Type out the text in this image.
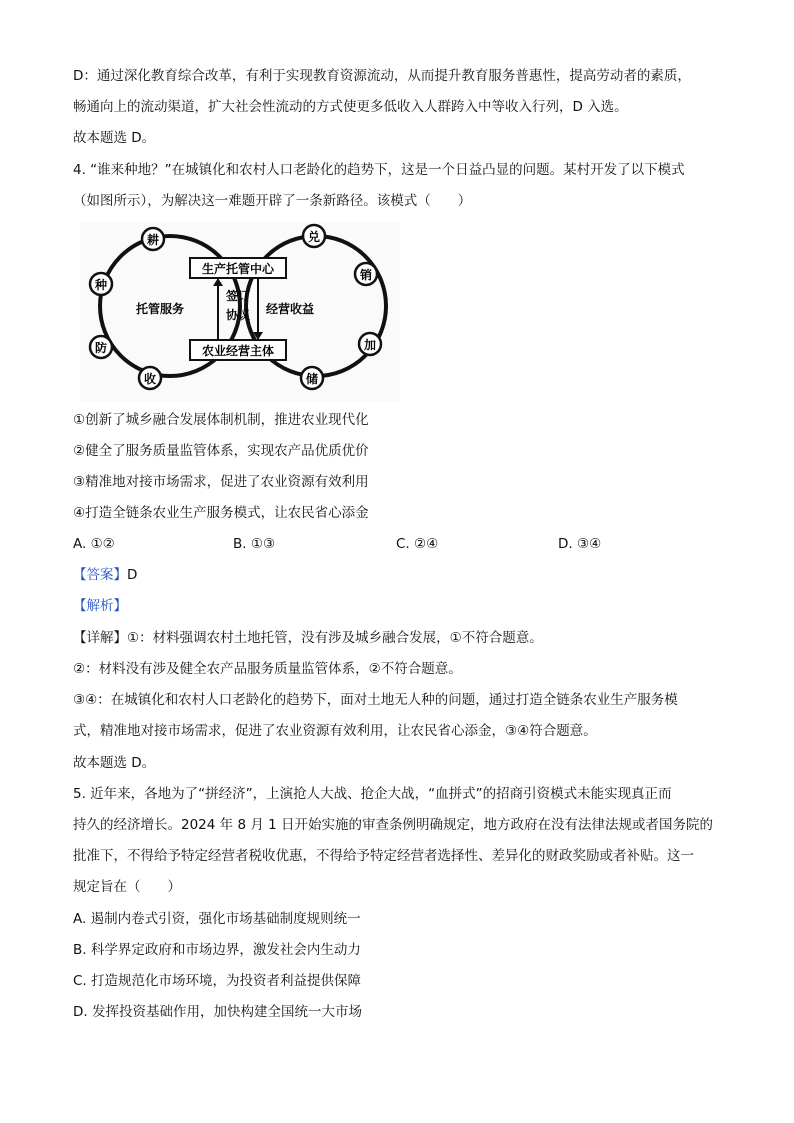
D：通过深化教育综合改革，有利于实现教育资源流动，从而提升教育服务普惠性，提高劳动者的素质，
畅通向上的流动渠道，扩大社会性流动的方式使更多低收入人群跨入中等收入行列，D 入选。
故本题选 D。
4. “谁来种地？”在城镇化和农村人口老龄化的趋势下，这是一个日益凸显的问题。某村开发了以下模式
（如图所示），为解决这一难题开辟了一条新路径。该模式（　　）
生产托管中心
农业经营主体
托管服务
签订
协议 经营收益
耕
种
防
收
兑
销
加
储
①创新了城乡融合发展体制机制，推进农业现代化
②健全了服务质量监管体系，实现农产品优质优价
③精准地对接市场需求，促进了农业资源有效利用
④打造全链条农业生产服务模式，让农民省心添金
A. ①②	B. ①③	C. ②④	D. ③④
【答案】D
【解析】
【详解】①：材料强调农村土地托管，没有涉及城乡融合发展，①不符合题意。
②：材料没有涉及健全农产品服务质量监管体系，②不符合题意。
③④：在城镇化和农村人口老龄化的趋势下，面对土地无人种的问题，通过打造全链条农业生产服务模
式，精准地对接市场需求，促进了农业资源有效利用，让农民省心添金，③④符合题意。
故本题选 D。
5. 近年来，各地为了“拼经济”，上演抢人大战、抢企大战，“血拼式”的招商引资模式未能实现真正而
持久的经济增长。2024 年 8 月 1 日开始实施的审查条例明确规定，地方政府在没有法律法规或者国务院的
批准下，不得给予特定经营者税收优惠，不得给予特定经营者选择性、差异化的财政奖励或者补贴。这一
规定旨在（　　）
A. 遏制内卷式引资，强化市场基础制度规则统一
B. 科学界定政府和市场边界，激发社会内生动力
C. 打造规范化市场环境，为投资者利益提供保障
D. 发挥投资基础作用，加快构建全国统一大市场
